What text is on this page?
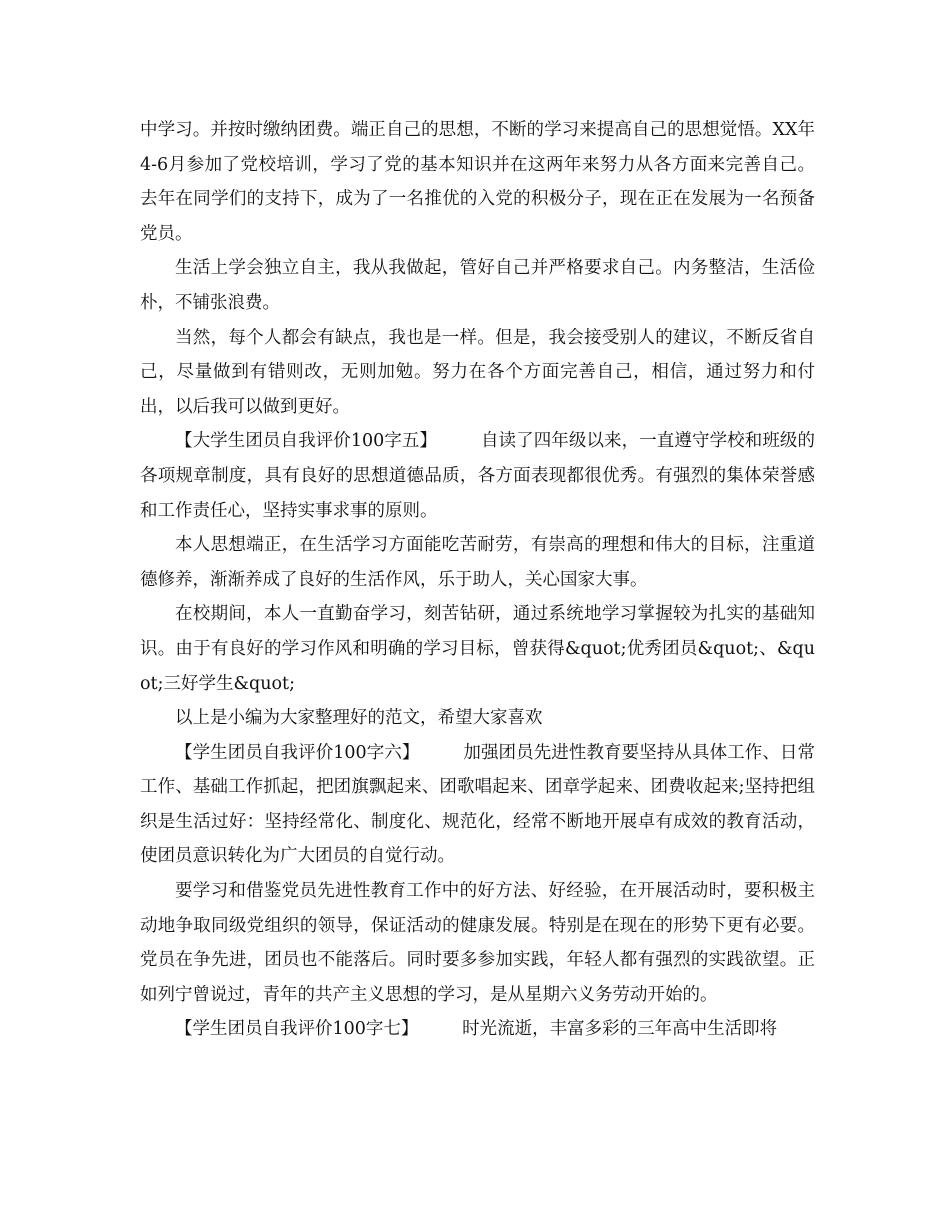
中学习。并按时缴纳团费。端正自己的思想，不断的学习来提高自己的思想觉悟。XX年4-6月参加了党校培训，学习了党的基本知识并在这两年来努力从各方面来完善自己。去年在同学们的支持下，成为了一名推优的入党的积极分子，现在正在发展为一名预备党员。

生活上学会独立自主，我从我做起，管好自己并严格要求自己。内务整洁，生活俭朴，不铺张浪费。

当然，每个人都会有缺点，我也是一样。但是，我会接受别人的建议，不断反省自己，尽量做到有错则改，无则加勉。努力在各个方面完善自己，相信，通过努力和付出，以后我可以做到更好。

【大学生团员自我评价100字五】   	自读了四年级以来，一直遵守学校和班级的各项规章制度，具有良好的思想道德品质，各方面表现都很优秀。有强烈的集体荣誉感和工作责任心，坚持实事求事的原则。

本人思想端正，在生活学习方面能吃苦耐劳，有崇高的理想和伟大的目标，注重道德修养，渐渐养成了良好的生活作风，乐于助人，关心国家大事。

在校期间，本人一直勤奋学习，刻苦钻研，通过系统地学习掌握较为扎实的基础知识。由于有良好的学习作风和明确的学习目标，曾获得&quot;优秀团员&quot;、&quot;三好学生&quot;

以上是小编为大家整理好的范文，希望大家喜欢

【学生团员自我评价100字六】   	加强团员先进性教育要坚持从具体工作、日常工作、基础工作抓起，把团旗飘起来、团歌唱起来、团章学起来、团费收起来;坚持把组织是生活过好：坚持经常化、制度化、规范化，经常不断地开展卓有成效的教育活动，使团员意识转化为广大团员的自觉行动。

要学习和借鉴党员先进性教育工作中的好方法、好经验，在开展活动时，要积极主动地争取同级党组织的领导，保证活动的健康发展。特别是在现在的形势下更有必要。党员在争先进，团员也不能落后。同时要多参加实践，年轻人都有强烈的实践欲望。正如列宁曾说过，青年的共产主义思想的学习，是从星期六义务劳动开始的。

【学生团员自我评价100字七】   	时光流逝，丰富多彩的三年高中生活即将
